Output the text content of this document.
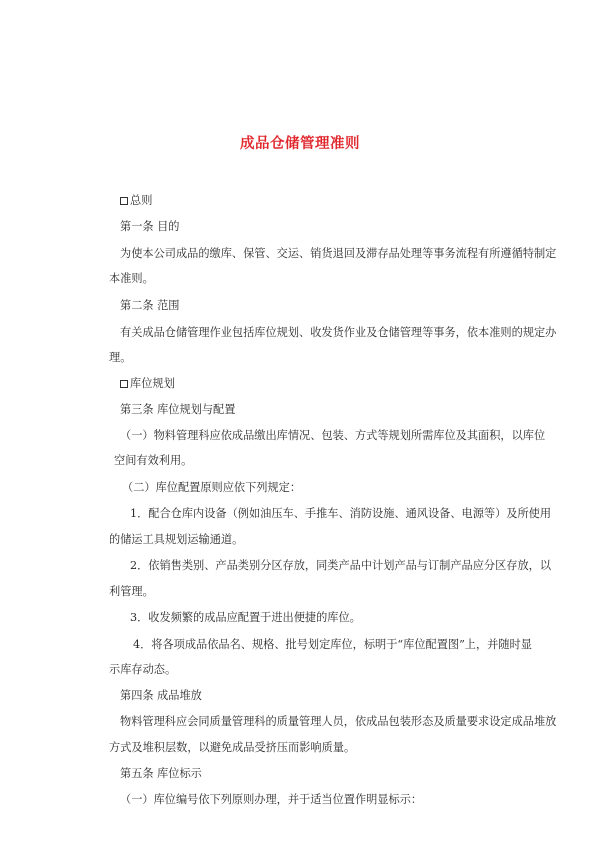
成品仓储管理准则
总则
第一条 目的
为使本公司成品的缴库、保管、交运、销货退回及滞存品处理等事务流程有所遵循特制定
本准则。
第二条 范围
有关成品仓储管理作业包括库位规划、收发货作业及仓储管理等事务，依本准则的规定办
理。
库位规划
第三条 库位规划与配置
（一）物料管理科应依成品缴出库情况、包装、方式等规划所需库位及其面积，以库位
空间有效利用。
（二）库位配置原则应依下列规定：
1．配合仓库内设备（例如油压车、手推车、消防设施、通风设备、电源等）及所使用
的储运工具规划运输通道。
2．依销售类别、产品类别分区存放，同类产品中计划产品与订制产品应分区存放，以
利管理。
3．收发频繁的成品应配置于进出便捷的库位。
4．将各项成品依品名、规格、批号划定库位，标明于“库位配置图”上，并随时显
示库存动态。
第四条 成品堆放
物料管理科应会同质量管理科的质量管理人员，依成品包装形态及质量要求设定成品堆放
方式及堆积层数，以避免成品受挤压而影响质量。
第五条 库位标示
（一）库位编号依下列原则办理，并于适当位置作明显标示：
